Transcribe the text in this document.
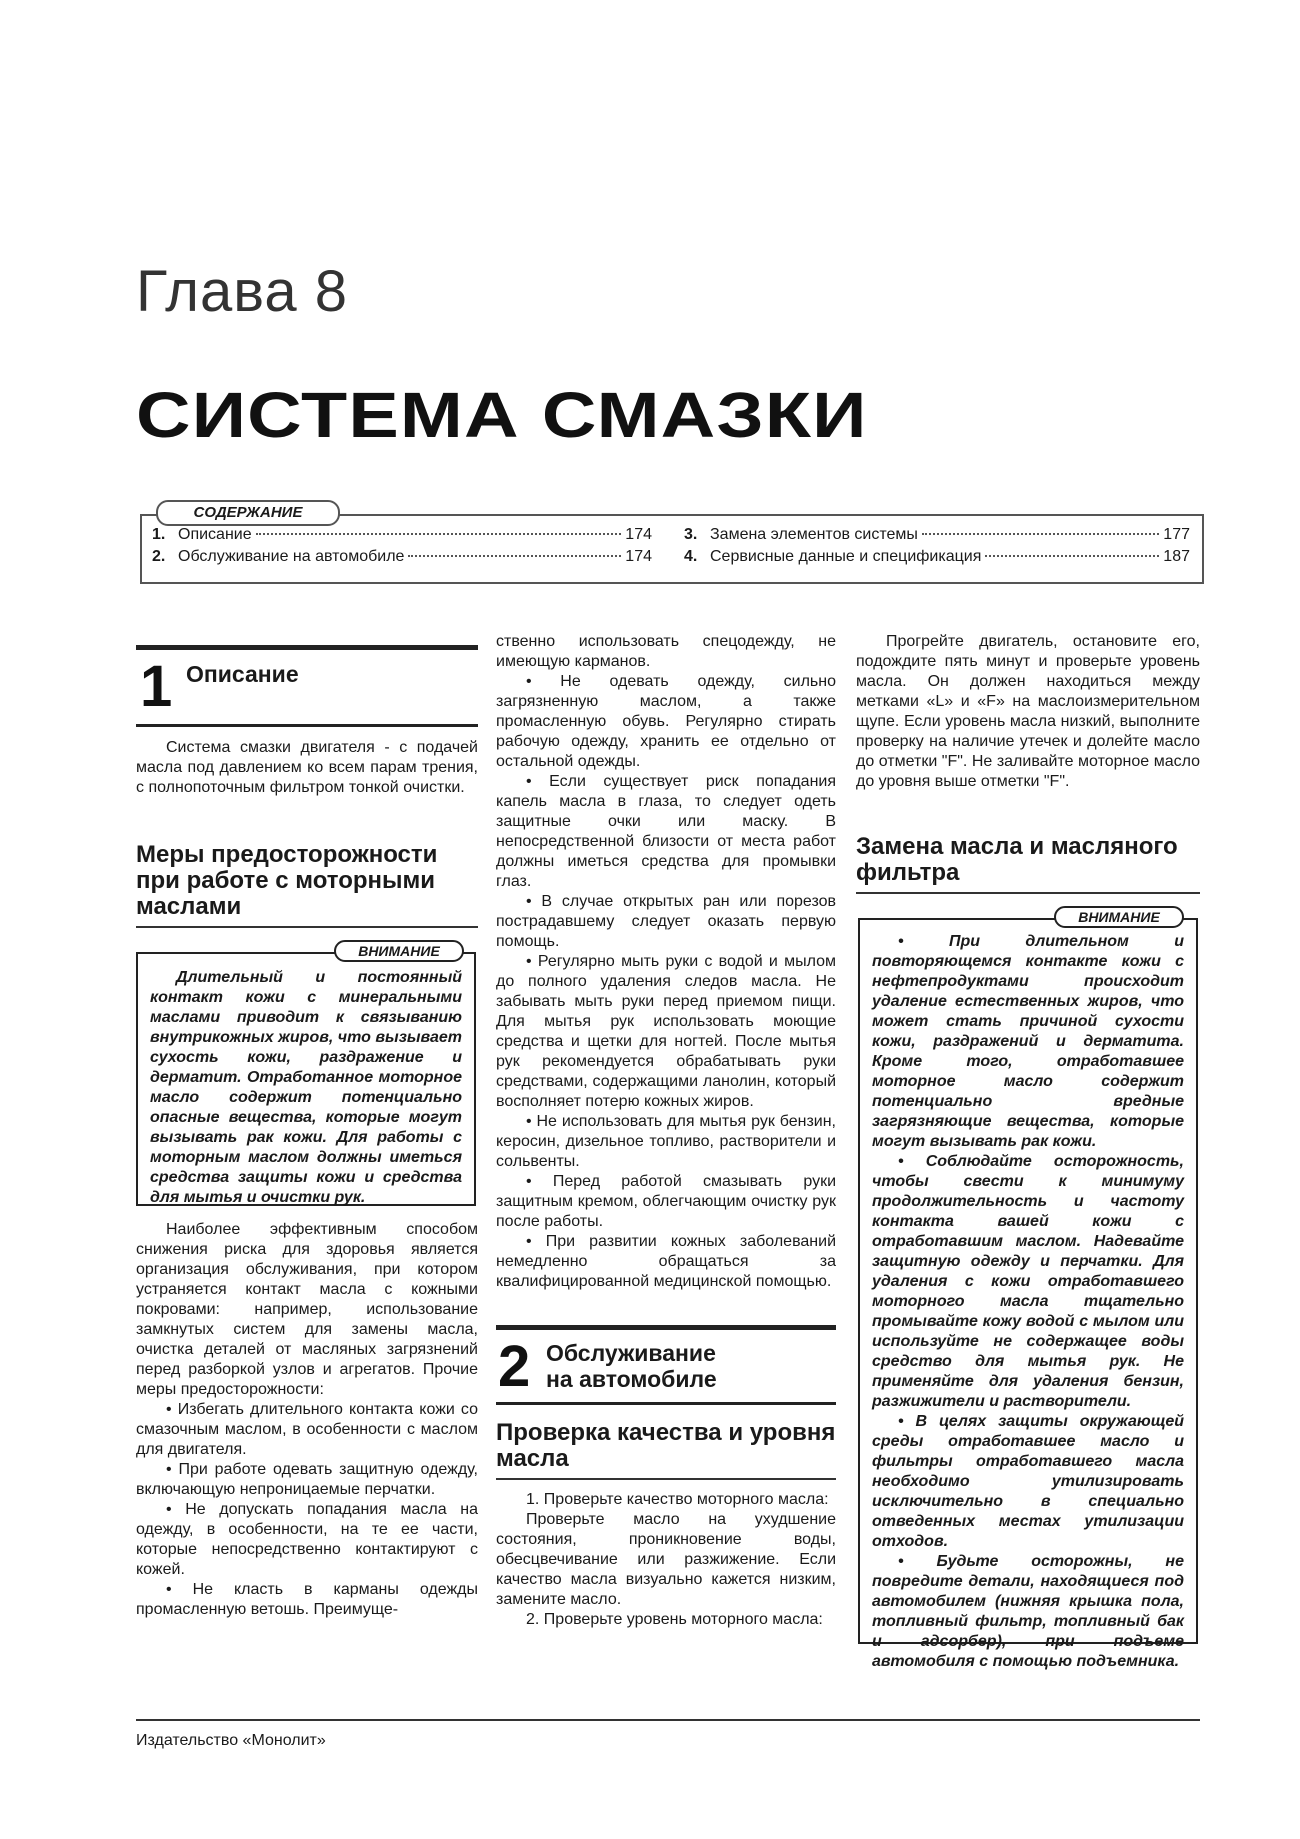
Глава 8
СИСТЕМА СМАЗКИ
СОДЕРЖАНИЕ
1. Описание	174
2. Обслуживание на автомобиле	174
3. Замена элементов системы	177
4. Сервисные данные и спецификация	187
1 Описание

Система смазки двигателя - с подачей масла под давлением ко всем парам трения, с полнопоточным фильтром тонкой очистки.

Меры предосторожности при работе с моторными маслами
ВНИМАНИЕ

Длительный и постоянный контакт кожи с минеральными маслами приводит к связыванию внутрикожных жиров, что вызывает сухость кожи, раздражение и дерматит. Отработанное моторное масло содержит потенциально опасные вещества, которые могут вызывать рак кожи. Для работы с моторным маслом должны иметься средства защиты кожи и средства для мытья и очистки рук.

Наиболее эффективным способом снижения риска для здоровья является организация обслуживания, при котором устраняется контакт масла с кожными покровами: например, использование замкнутых систем для замены масла, очистка деталей от масляных загрязнений перед разборкой узлов и агрегатов. Прочие меры предосторожности:

• Избегать длительного контакта кожи со смазочным маслом, в особенности с маслом для двигателя.

• При работе одевать защитную одежду, включающую непроницаемые перчатки.

• Не допускать попадания масла на одежду, в особенности, на те ее части, которые непосредственно контактируют с кожей.

• Не класть в карманы одежды промасленную ветошь. Преимуще-

ственно использовать спецодежду, не имеющую карманов.

• Не одевать одежду, сильно загрязненную маслом, а также промасленную обувь. Регулярно стирать рабочую одежду, хранить ее отдельно от остальной одежды.

• Если существует риск попадания капель масла в глаза, то следует одеть защитные очки или маску. В непосредственной близости от места работ должны иметься средства для промывки глаз.

• В случае открытых ран или порезов пострадавшему следует оказать первую помощь.

• Регулярно мыть руки с водой и мылом до полного удаления следов масла. Не забывать мыть руки перед приемом пищи. Для мытья рук использовать моющие средства и щетки для ногтей. После мытья рук рекомендуется обрабатывать руки средствами, содержащими ланолин, который восполняет потерю кожных жиров.

• Не использовать для мытья рук бензин, керосин, дизельное топливо, растворители и сольвенты.

• Перед работой смазывать руки защитным кремом, облегчающим очистку рук после работы.

• При развитии кожных заболеваний немедленно обращаться за квалифицированной медицинской помощью.

2 Обслуживание на автомобиле
Проверка качества и уровня масла

1. Проверьте качество моторного масла:

Проверьте масло на ухудшение состояния, проникновение воды, обесцвечивание или разжижение. Если качество масла визуально кажется низким, замените масло.

2. Проверьте уровень моторного масла:

Прогрейте двигатель, остановите его, подождите пять минут и проверьте уровень масла. Он должен находиться между метками «L» и «F» на маслоизмерительном щупе. Если уровень масла низкий, выполните проверку на наличие утечек и долейте масло до отметки "F". Не заливайте моторное масло до уровня выше отметки "F".

Замена масла и масляного фильтра
ВНИМАНИЕ

• При длительном и повторяющемся контакте кожи с нефтепродуктами происходит удаление естественных жиров, что может стать причиной сухости кожи, раздражений и дерматита. Кроме того, отработавшее моторное масло содержит потенциально вредные загрязняющие вещества, которые могут вызывать рак кожи.

• Соблюдайте осторожность, чтобы свести к минимуму продолжительность и частоту контакта вашей кожи с отработавшим маслом. Надевайте защитную одежду и перчатки. Для удаления с кожи отработавшего моторного масла тщательно промывайте кожу водой с мылом или используйте не содержащее воды средство для мытья рук. Не применяйте для удаления бензин, разжижители и растворители.

• В целях защиты окружающей среды отработавшее масло и фильтры отработавшего масла необходимо утилизировать исключительно в специально отведенных местах утилизации отходов.

• Будьте осторожны, не повредите детали, находящиеся под автомобилем (нижняя крышка пола, топливный фильтр, топливный бак и адсорбер), при подъеме автомобиля с помощью подъемника.

Издательство «Монолит»
